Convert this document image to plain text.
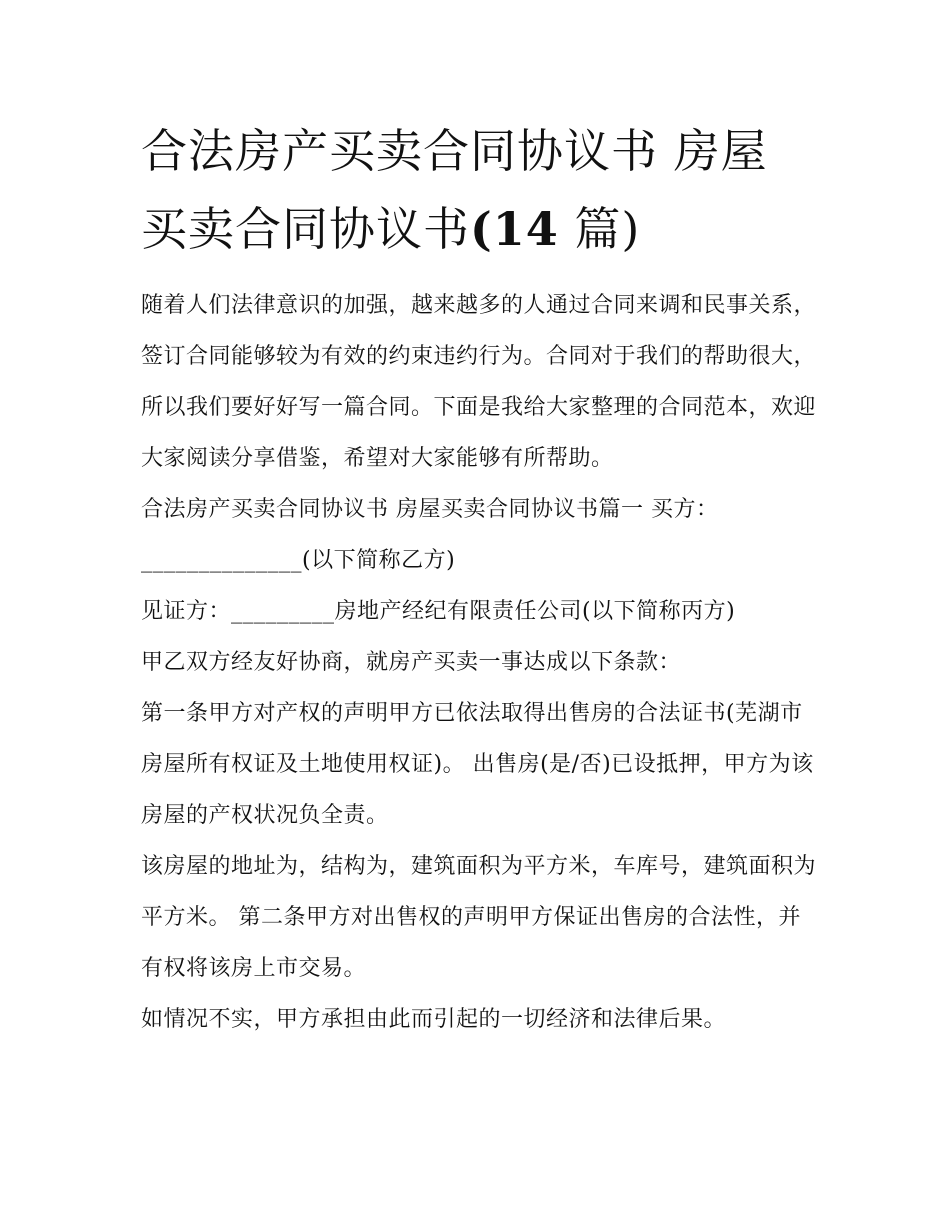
合法房产买卖合同协议书 房屋
买卖合同协议书(14 篇)

随着人们法律意识的加强，越来越多的人通过合同来调和民事关系，签订合同能够较为有效的约束违约行为。合同对于我们的帮助很大，所以我们要好好写一篇合同。下面是我给大家整理的合同范本，欢迎大家阅读分享借鉴，希望对大家能够有所帮助。

合法房产买卖合同协议书 房屋买卖合同协议书篇一 买方：

______________(以下简称乙方)

见证方：_________房地产经纪有限责任公司(以下简称丙方)

甲乙双方经友好协商，就房产买卖一事达成以下条款：

第一条甲方对产权的声明甲方已依法取得出售房的合法证书(芜湖市房屋所有权证及土地使用权证)。 出售房(是/否)已设抵押，甲方为该房屋的产权状况负全责。

该房屋的地址为，结构为，建筑面积为平方米，车库号，建筑面积为平方米。 第二条甲方对出售权的声明甲方保证出售房的合法性，并有权将该房上市交易。

如情况不实，甲方承担由此而引起的一切经济和法律后果。
